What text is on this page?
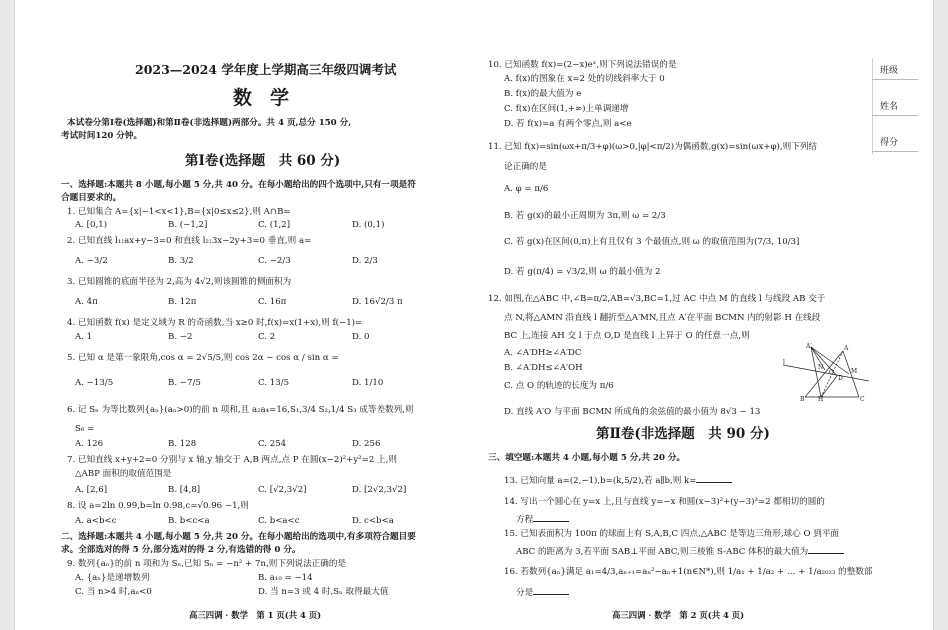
2023—2024 学年度上学期高三年级四调考试
数学
本试卷分第Ⅰ卷(选择题)和第Ⅱ卷(非选择题)两部分。共 4 页,总分 150 分,
考试时间120 分钟。
第Ⅰ卷(选择题　共 60 分)
一、选择题:本题共 8 小题,每小题 5 分,共 40 分。在每小题给出的四个选项中,只有一项是符
合题目要求的。
1. 已知集合 A={x|−1<x<1},B={x|0≤x≤2},则 A∩B=
A. [0,1)	B. (−1,2]	C. (1,2]	D. (0,1)
2. 已知直线 l₁:ax+y−3=0 和直线 l₂:3x−2y+3=0 垂直,则 a=
A. −3/2	B. 3/2	C. −2/3	D. 2/3
3. 已知圆锥的底面半径为 2,高为 4√2,则该圆锥的侧面积为
A. 4π	B. 12π	C. 16π	D. 16√2/3 π
4. 已知函数 f(x) 是定义域为 R 的奇函数,当 x≥0 时,f(x)=x(1+x),则 f(−1)=
A. 1	B. −2	C. 2	D. 0
5. 已知 α 是第一象限角,cos α = 2√5/5,则 cos 2α − cos α / sin α =
A. −13/5	B. −7/5	C. 13/5	D. 1/10
6. 记 Sₙ 为等比数列{aₙ}(aₙ>0)的前 n 项和,且 a₂a₄=16,S₁,3/4 S₂,1/4 S₃ 成等差数列,则
S₆ =
A. 126	B. 128	C. 254	D. 256
7. 已知直线 x+y+2=0 分别与 x 轴,y 轴交于 A,B 两点,点 P 在圆(x−2)²+y²=2 上,则
△ABP 面积的取值范围是
A. [2,6]	B. [4,8]	C. [√2,3√2]	D. [2√2,3√2]
8. 设 a=2ln 0.99,b=ln 0.98,c=√0.96 −1,则
A. a<b<c	B. b<c<a	C. b<a<c	D. c<b<a
二、选择题:本题共 4 小题,每小题 5 分,共 20 分。在每小题给出的选项中,有多项符合题目要
求。全部选对的得 5 分,部分选对的得 2 分,有选错的得 0 分。
9. 数列{aₙ}的前 n 项和为 Sₙ,已知 Sₙ = −n² + 7n,则下列说法正确的是
A. {aₙ}是递增数列	B. a₁₀ = −14
C. 当 n>4 时,aₙ<0	D. 当 n=3 或 4 时,Sₙ 取得最大值
高三四调 · 数学　第 1 页(共 4 页)
10. 已知函数 f(x)=(2−x)eˣ,则下列说法错误的是
A. f(x)的图象在 x=2 处的切线斜率大于 0
B. f(x)的最大值为 e
C. f(x)在区间(1,+∞)上单调递增
D. 若 f(x)=a 有两个零点,则 a<e
11. 已知 f(x)=sin(ωx+π/3+φ)(ω>0,|φ|<π/2)为偶函数,g(x)=sin(ωx+φ),则下列结
论正确的是
A. φ = π/6
B. 若 g(x)的最小正周期为 3π,则 ω = 2/3
C. 若 g(x)在区间(0,π)上有且仅有 3 个最值点,则 ω 的取值范围为(7/3, 10/3]
D. 若 g(π/4) = √3/2,则 ω 的最小值为 2
12. 如图,在△ABC 中,∠B=π/2,AB=√3,BC=1,过 AC 中点 M 的直线 l 与线段 AB 交于
点 N,将△AMN 沿直线 l 翻折至△A′MN,且点 A′在平面 BCMN 内的射影 H 在线段
BC 上,连接 AH 交 l 于点 O,D 是直线 l 上异于 O 的任意一点,则
A. ∠A′DH≥∠A′DC
B. ∠A′DH≤∠A′OH
C. 点 O 的轨迹的长度为 π/6
D. 直线 A′O 与平面 BCMN 所成角的余弦值的最小值为 8√3 − 13
A′	A
M
N
l
H
B	C
D
O
第Ⅱ卷(非选择题　共 90 分)
三、填空题:本题共 4 小题,每小题 5 分,共 20 分。
13. 已知向量 a=(2,−1),b=(k,5/2),若 a∥b,则 k=
14. 写出一个圆心在 y=x 上,且与直线 y=−x 和圆(x−3)²+(y−3)²=2 都相切的圆的
方程
15. 已知表面积为 100π 的球面上有 S,A,B,C 四点,△ABC 是等边三角形,球心 O 到平面
ABC 的距离为 3,若平面 SAB⊥平面 ABC,则三棱锥 S-ABC 体积的最大值为
16. 若数列{aₙ}满足 a₁=4/3,aₙ₊₁=aₙ²−aₙ+1(n∈N*),则 1/a₁ + 1/a₂ + … + 1/a₂₀₂₃ 的整数部
分是
高三四调 · 数学　第 2 页(共 4 页)
班级
姓名
得分
